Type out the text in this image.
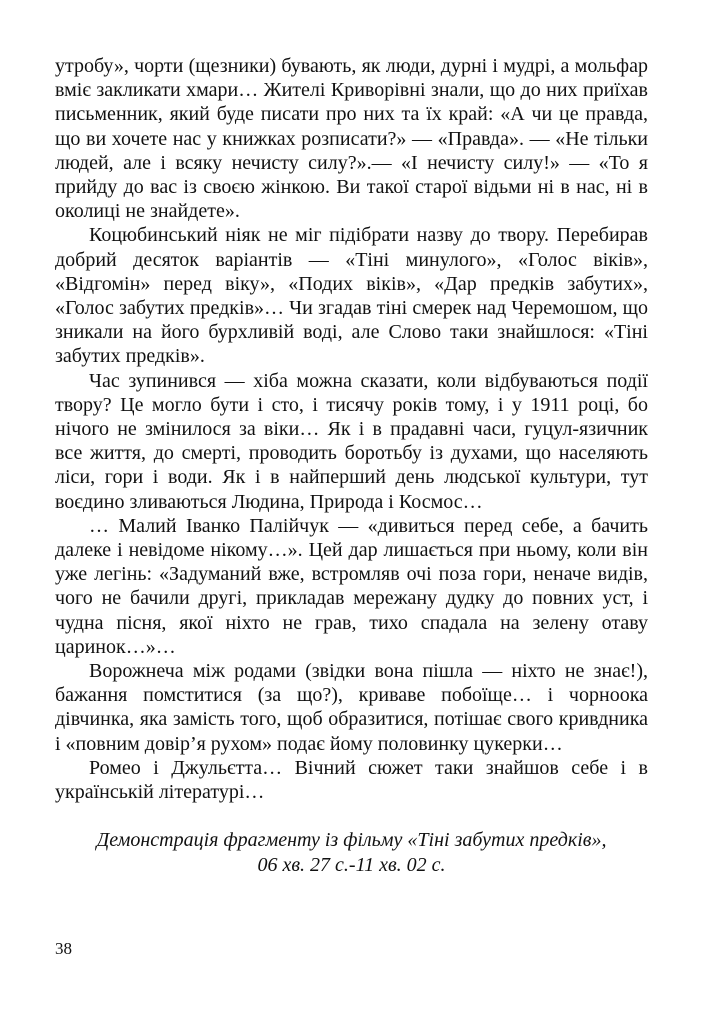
утробу», чорти (щезники) бувають, як люди, дурні і мудрі, а мольфар вміє закликати хмари… Жителі Криворівні знали, що до них приїхав письменник, який буде писати про них та їх край: «А чи це правда, що ви хочете нас у книжках розписати?» — «Правда». — «Не тільки людей, але і всяку нечисту силу?».— «І нечисту силу!» — «То я прийду до вас із своєю жінкою. Ви такої старої відьми ні в нас, ні в околиці не знайдете».

Коцюбинський ніяк не міг підібрати назву до твору. Перебирав добрий десяток варіантів — «Тіні минулого», «Голос віків», «Відгомін» перед віку», «Подих віків», «Дар предків забутих», «Голос забутих предків»… Чи згадав тіні смерек над Черемошом, що зникали на його бурхливій воді, але Слово таки знайшлося: «Тіні забутих предків».

Час зупинився — хіба можна сказати, коли відбуваються події твору? Це могло бути і сто, і тисячу років тому, і у 1911 році, бо нічого не змінилося за віки… Як і в прадавні часи, гуцул-язичник все життя, до смерті, проводить боротьбу із духами, що населяють ліси, гори і води. Як і в найперший день людської культури, тут воєдино зливаються Людина, Природа і Космос…

… Малий Іванко Палійчук — «дивиться перед себе, а бачить далеке і невідоме нікому…». Цей дар лишається при ньому, коли він уже легінь: «Задуманий вже, встромляв очі поза гори, неначе видів, чого не бачили другі, прикладав мережану дудку до повних уст, і чудна пісня, якої ніхто не грав, тихо спадала на зелену отаву царинок…»…

Ворожнеча між родами (звідки вона пішла — ніхто не знає!), бажання помститися (за що?), криваве побоїще… і чорноока дівчинка, яка замість того, щоб образитися, потішає свого кривдника і «повним довір’я рухом» подає йому половинку цукерки…

Ромео і Джульєтта… Вічний сюжет таки знайшов себе і в українській літературі…

Демонстрація фрагменту із фільму «Тіні забутих предків»,
06 хв. 27 с.-11 хв. 02 с.
38
